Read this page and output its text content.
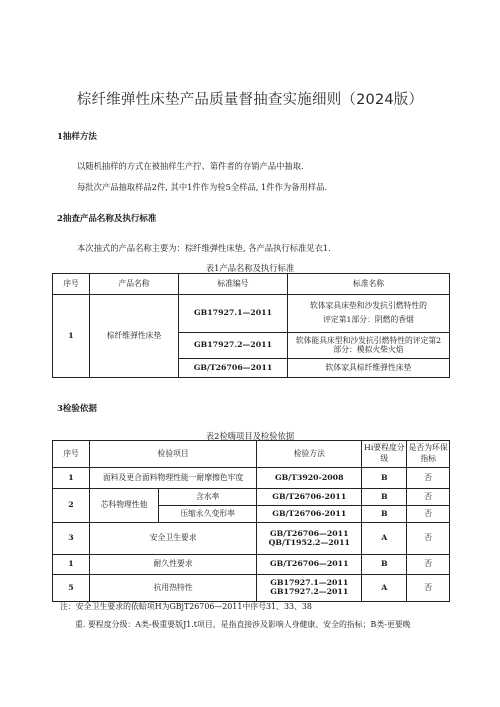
棕纤维弹性床垫产品质量督抽查实施细则（2024版）
1抽样方法
以随机抽样的方式在被抽样生产拧、第件者的存销产品中抽取.
每批次产品抽取样品2件, 其中1件作为检5全样品, 1件作为备用样品.
2抽查产品名称及执行标准
本次抽式的产品名称主要为：棕纤维弹性床垫, 各产品执行标准见衣1.
表1产品名称及执行标准
序号	产品名称	标准编号	标准名称
1	棕纤维弹性床垫	GB17927.1—2011	软体家具床垫和沙发抗引燃特性的
评定第1部分：阴燃的香烟

		GB17927.2—2011	软体能具床型和沙发抗引燃特性的评定第2
部分：模拟火柴火焰

		GB/T26706—2011	软体家具棕纤维弹性床垫
3检验依据
表2检嗨项目及检验依据
序号	检验项目		检验方法	Hi要程度分
级	是否为环保
指标

1	面料及更合面料物理性能一耐摩擦色牢度		GB/T3920-2008	B	否
2	芯科物理性他	含水率	GB/T26706-2011	B	否
		压缩永久变形率	GB/T26706-2011	B	否
3	安全卫生要求		GB/T26706—2011
QB/T1952.2—2011	A	否
1	耐久性要求		GB/T26706—2011	B	否
5	抗用热特性		GB17927.1—2011
GB17927.2—2011	A	否
注：安全卫生要求的依蛤项H为GBjT26706—2011中序号31、33、38
重. 要程度分级：A类-极重要版J1.t项目，是指直接涉及影响人身健康、安全的指标；B类-更要晚
